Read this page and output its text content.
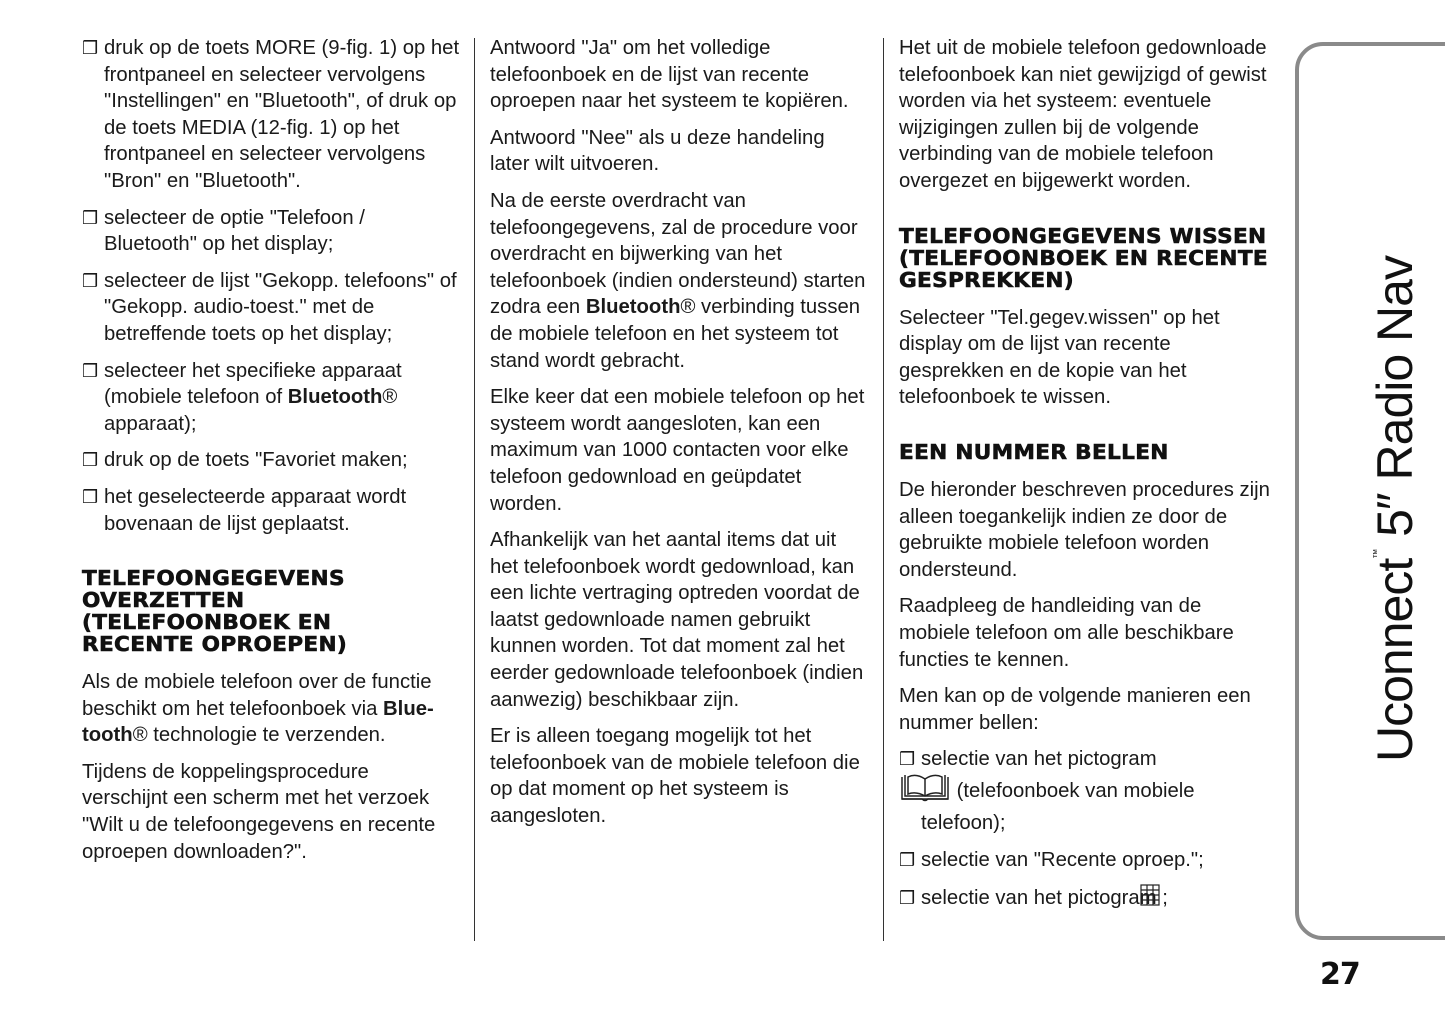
❒ druk op de toets MORE (9-fig. 1) op het frontpaneel en selecteer vervolgens "Instellingen" en "Bluetooth", of druk op de toets MEDIA (12-fig. 1) op het frontpaneel en selecteer vervolgens "Bron" en "Bluetooth".
❒ selecteer de optie "Telefoon / Bluetooth" op het display;
❒ selecteer de lijst "Gekopp. telefoons" of "Gekopp. audio-toest." met de betreffende toets op het display;
❒ selecteer het specifieke apparaat (mobiele telefoon of Bluetooth® apparaat);
❒ druk op de toets "Favoriet maken;
❒ het geselecteerde apparaat wordt bovenaan de lijst geplaatst.
TELEFOONGEGEVENS OVERZETTEN (TELEFOONBOEK EN RECENTE OPROEPEN)

Als de mobiele telefoon over de functie beschikt om het telefoonboek via Blue-tooth® technologie te verzenden.

Tijdens de koppelingsprocedure verschijnt een scherm met het verzoek "Wilt u de telefoongegevens en recente oproepen downloaden?".

Antwoord "Ja" om het volledige telefoonboek en de lijst van recente oproepen naar het systeem te kopiëren.

Antwoord "Nee" als u deze handeling later wilt uitvoeren.

Na de eerste overdracht van telefoongegevens, zal de procedure voor overdracht en bijwerking van het telefoonboek (indien ondersteund) starten zodra een Bluetooth® verbinding tussen de mobiele telefoon en het systeem tot stand wordt gebracht.

Elke keer dat een mobiele telefoon op het systeem wordt aangesloten, kan een maximum van 1000 contacten voor elke telefoon gedownload en geüpdatet worden.

Afhankelijk van het aantal items dat uit het telefoonboek wordt gedownload, kan een lichte vertraging optreden voordat de laatst gedownloade namen gebruikt kunnen worden. Tot dat moment zal het eerder gedownloade telefoonboek (indien aanwezig) beschikbaar zijn.

Er is alleen toegang mogelijk tot het telefoonboek van de mobiele telefoon die op dat moment op het systeem is aangesloten.

Het uit de mobiele telefoon gedownloade telefoonboek kan niet gewijzigd of gewist worden via het systeem: eventuele wijzigingen zullen bij de volgende verbinding van de mobiele telefoon overgezet en bijgewerkt worden.

TELEFOONGEGEVENS WISSEN (TELEFOONBOEK EN RECENTE GESPREKKEN)

Selecteer "Tel.gegev.wissen" op het display om de lijst van recente gesprekken en de kopie van het telefoonboek te wissen.

EEN NUMMER BELLEN

De hieronder beschreven procedures zijn alleen toegankelijk indien ze door de gebruikte mobiele telefoon worden ondersteund.

Raadpleeg de handleiding van de mobiele telefoon om alle beschikbare functies te kennen.

Men kan op de volgende manieren een nummer bellen:

❒ selectie van het pictogram
(telefoonboek van mobiele telefoon);
❒ selectie van "Recente oproep.";
❒ selectie van het pictogram ;
Uconnect™ 5″ Radio Nav
27
